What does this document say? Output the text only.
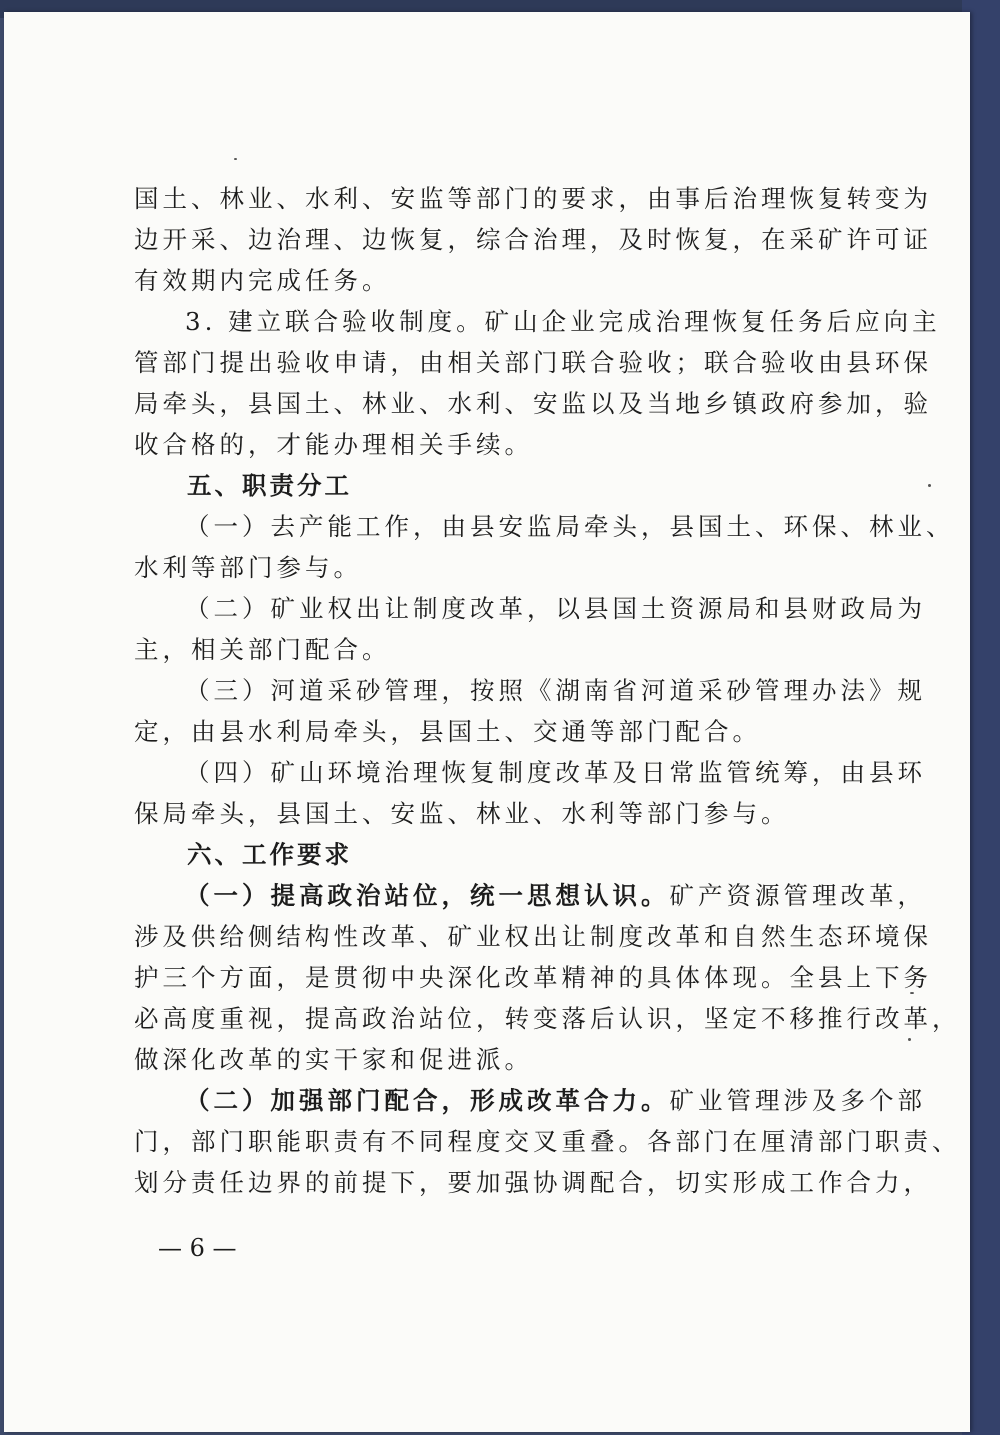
国土、林业、水利、安监等部门的要求，由事后治理恢复转变为
边开采、边治理、边恢复，综合治理，及时恢复，在采矿许可证
有效期内完成任务。
3. 建立联合验收制度。矿山企业完成治理恢复任务后应向主
管部门提出验收申请，由相关部门联合验收；联合验收由县环保
局牵头，县国土、林业、水利、安监以及当地乡镇政府参加，验
收合格的，才能办理相关手续。
五、职责分工
（一）去产能工作，由县安监局牵头，县国土、环保、林业、
水利等部门参与。
（二）矿业权出让制度改革，以县国土资源局和县财政局为
主，相关部门配合。
（三）河道采砂管理，按照《湖南省河道采砂管理办法》规
定，由县水利局牵头，县国土、交通等部门配合。
（四）矿山环境治理恢复制度改革及日常监管统筹，由县环
保局牵头，县国土、安监、林业、水利等部门参与。
六、工作要求
（一）提高政治站位，统一思想认识。矿产资源管理改革，
涉及供给侧结构性改革、矿业权出让制度改革和自然生态环境保
护三个方面，是贯彻中央深化改革精神的具体体现。全县上下务
必高度重视，提高政治站位，转变落后认识，坚定不移推行改革，
做深化改革的实干家和促进派。
（二）加强部门配合，形成改革合力。矿业管理涉及多个部
门，部门职能职责有不同程度交叉重叠。各部门在厘清部门职责、
划分责任边界的前提下，要加强协调配合，切实形成工作合力，
— 6 —
